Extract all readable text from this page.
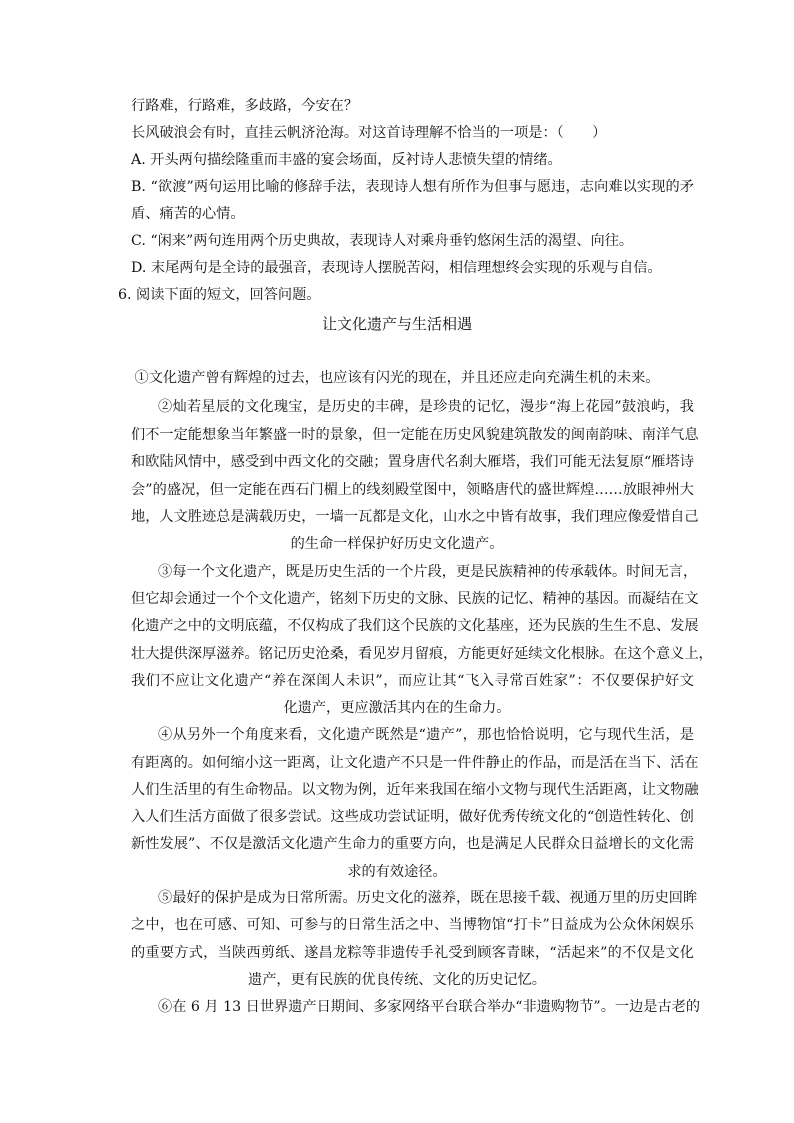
行路难，行路难，多歧路，今安在？
长风破浪会有时，直挂云帆济沧海。对这首诗理解不恰当的一项是：（　　）
A. 开头两句描绘隆重而丰盛的宴会场面，反衬诗人悲愤失望的情绪。
B. “欲渡”两句运用比喻的修辞手法，表现诗人想有所作为但事与愿违，志向难以实现的矛
盾、痛苦的心情。
C. “闲来”两句连用两个历史典故，表现诗人对乘舟垂钓悠闲生活的渴望、向往。
D. 末尾两句是全诗的最强音，表现诗人摆脱苦闷，相信理想终会实现的乐观与自信。
6. 阅读下面的短文，回答问题。
让文化遗产与生活相遇
①文化遗产曾有辉煌的过去，也应该有闪光的现在，并且还应走向充满生机的未来。
②灿若星辰的文化瑰宝，是历史的丰碑，是珍贵的记忆，漫步“海上花园”鼓浪屿，我
们不一定能想象当年繁盛一时的景象，但一定能在历史风貌建筑散发的闽南韵味、南洋气息
和欧陆风情中，感受到中西文化的交融；置身唐代名刹大雁塔，我们可能无法复原“雁塔诗
会”的盛况，但一定能在西石门楣上的线刻殿堂图中，领略唐代的盛世辉煌……放眼神州大
地，人文胜迹总是满载历史，一墙一瓦都是文化，山水之中皆有故事，我们理应像爱惜自己
的生命一样保护好历史文化遗产。
③每一个文化遗产，既是历史生活的一个片段，更是民族精神的传承载体。时间无言，
但它却会通过一个个文化遗产，铭刻下历史的文脉、民族的记忆、精神的基因。而凝结在文
化遗产之中的文明底蕴，不仅构成了我们这个民族的文化基座，还为民族的生生不息、发展
壮大提供深厚滋养。铭记历史沧桑，看见岁月留痕，方能更好延续文化根脉。在这个意义上，
我们不应让文化遗产“养在深闺人未识”，而应让其“飞入寻常百姓家”：不仅要保护好文
化遗产，更应激活其内在的生命力。
④从另外一个角度来看，文化遗产既然是“遗产”，那也恰恰说明，它与现代生活，是
有距离的。如何缩小这一距离，让文化遗产不只是一件件静止的作品，而是活在当下、活在
人们生活里的有生命物品。以文物为例，近年来我国在缩小文物与现代生活距离，让文物融
入人们生活方面做了很多尝试。这些成功尝试证明，做好优秀传统文化的“创造性转化、创
新性发展”、不仅是激活文化遗产生命力的重要方向，也是满足人民群众日益增长的文化需
求的有效途径。
⑤最好的保护是成为日常所需。历史文化的滋养，既在思接千载、视通万里的历史回眸
之中，也在可感、可知、可参与的日常生活之中、当博物馆“打卡”日益成为公众休闲娱乐
的重要方式，当陕西剪纸、遂昌龙粽等非遗传手礼受到顾客青睐，“活起来”的不仅是文化
遗产，更有民族的优良传统、文化的历史记忆。
⑥在 6 月 13 日世界遗产日期间、多家网络平台联合举办“非遗购物节”。一边是古老的
